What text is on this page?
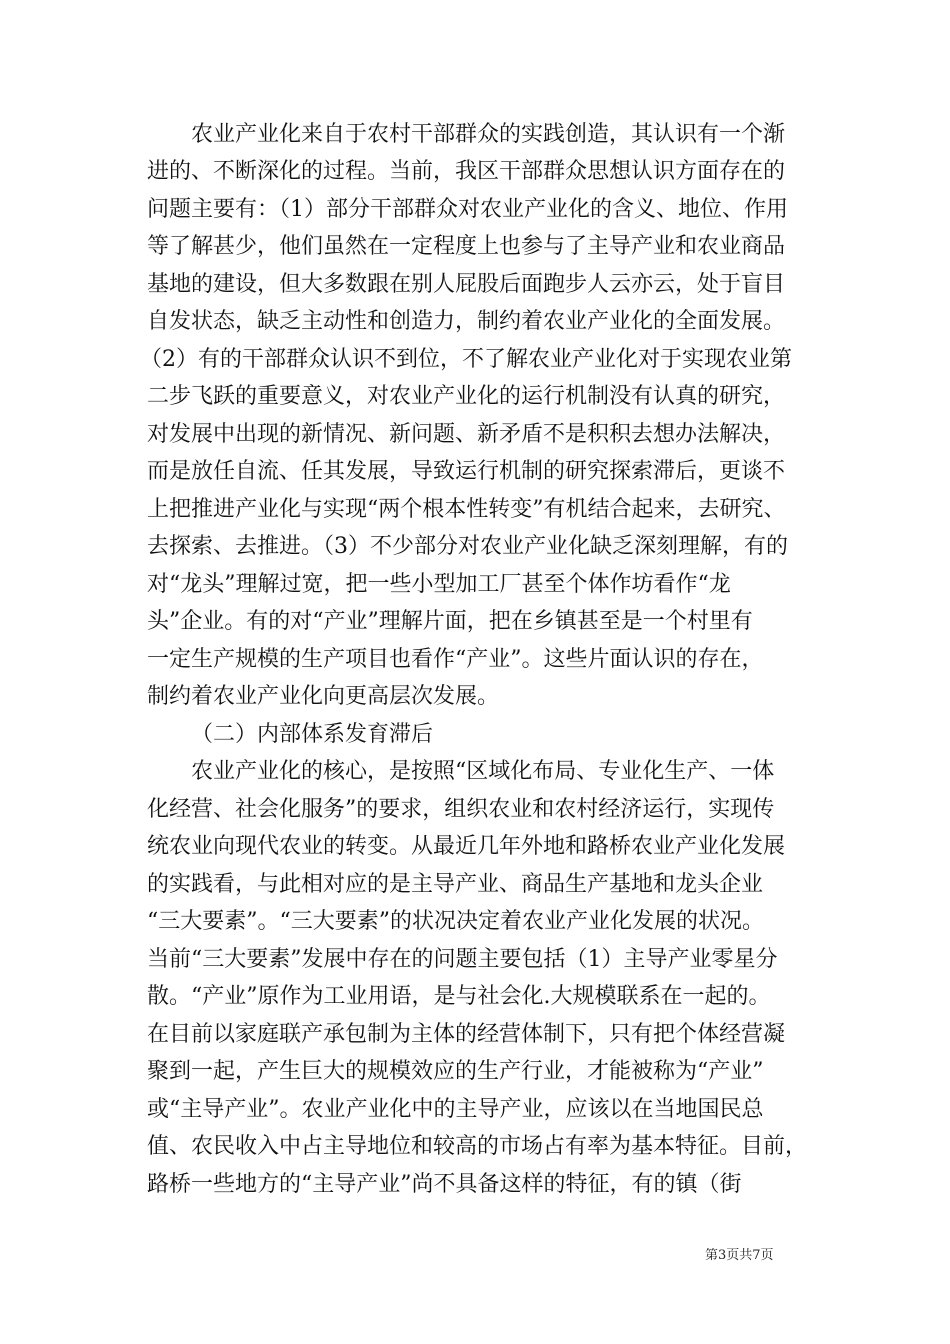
农业产业化来自于农村干部群众的实践创造，其认识有一个渐
进的、不断深化的过程。当前，我区干部群众思想认识方面存在的
问题主要有：（1）部分干部群众对农业产业化的含义、地位、作用
等了解甚少，他们虽然在一定程度上也参与了主导产业和农业商品
基地的建设，但大多数跟在别人屁股后面跑步人云亦云，处于盲目
自发状态，缺乏主动性和创造力，制约着农业产业化的全面发展。
（2）有的干部群众认识不到位，不了解农业产业化对于实现农业第
二步飞跃的重要意义，对农业产业化的运行机制没有认真的研究，
对发展中出现的新情况、新问题、新矛盾不是积积去想办法解决，
而是放任自流、任其发展，导致运行机制的研究探索滞后，更谈不
上把推进产业化与实现“两个根本性转变”有机结合起来，去研究、
去探索、去推进。（3）不少部分对农业产业化缺乏深刻理解，有的
对“龙头”理解过宽，把一些小型加工厂甚至个体作坊看作“龙
头”企业。有的对“产业”理解片面，把在乡镇甚至是一个村里有
一定生产规模的生产项目也看作“产业”。这些片面认识的存在，
制约着农业产业化向更高层次发展。
（二）内部体系发育滞后
农业产业化的核心，是按照“区域化布局、专业化生产、一体
化经营、社会化服务”的要求，组织农业和农村经济运行，实现传
统农业向现代农业的转变。从最近几年外地和路桥农业产业化发展
的实践看，与此相对应的是主导产业、商品生产基地和龙头企业
“三大要素”。“三大要素”的状况决定着农业产业化发展的状况。
当前“三大要素”发展中存在的问题主要包括（1）主导产业零星分
散。“产业”原作为工业用语，是与社会化.大规模联系在一起的。
在目前以家庭联产承包制为主体的经营体制下，只有把个体经营凝
聚到一起，产生巨大的规模效应的生产行业，才能被称为“产业”
或“主导产业”。农业产业化中的主导产业，应该以在当地国民总
值、农民收入中占主导地位和较高的市场占有率为基本特征。目前，
路桥一些地方的“主导产业”尚不具备这样的特征，有的镇（街
第3页共7页
